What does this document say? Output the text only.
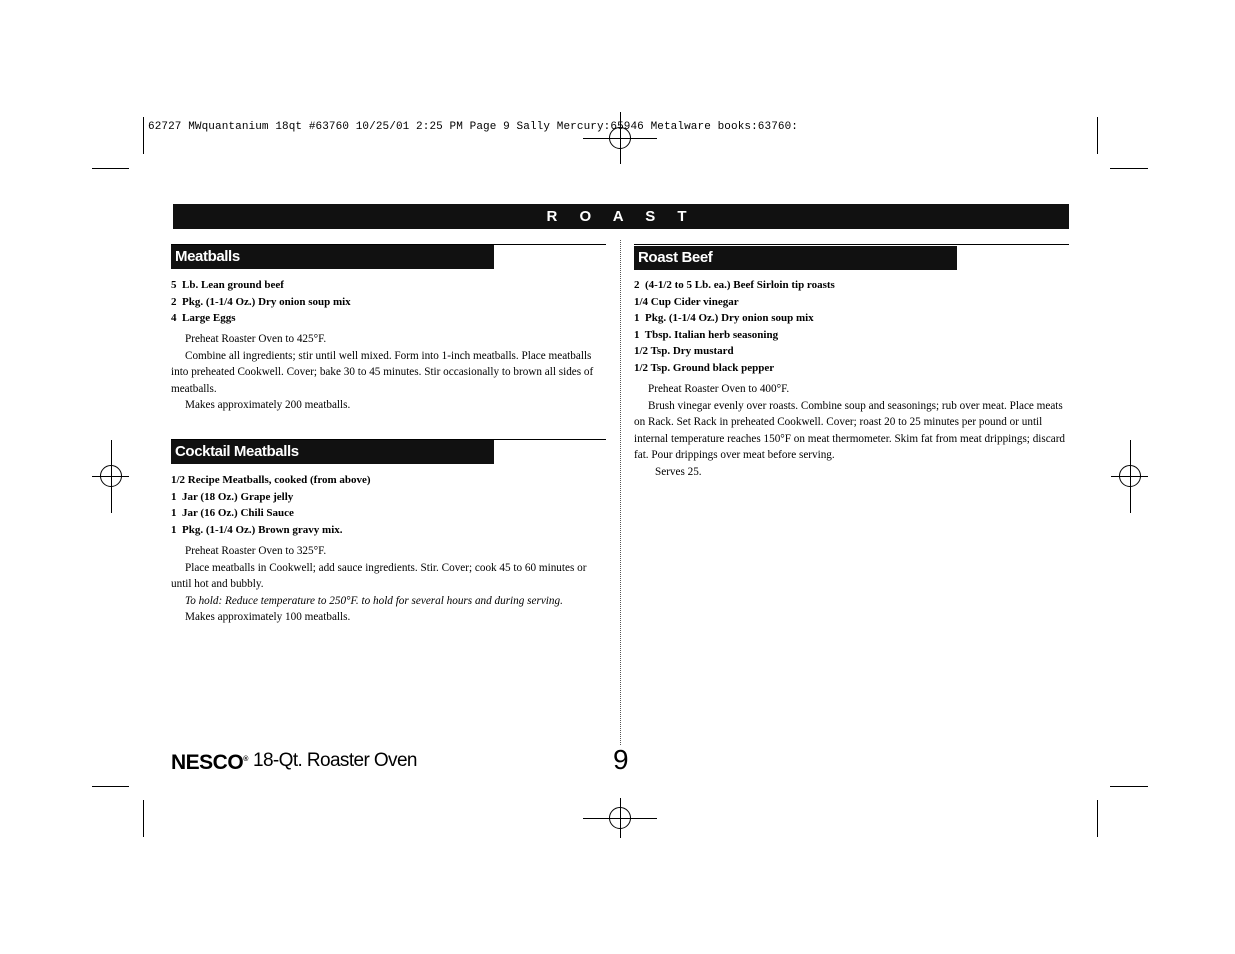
62727 MWquantanium 18qt #63760 10/25/01 2:25 PM Page 9 Sally Mercury:65946 Metalware books:63760:
R O A S T
Meatballs
5  Lb. Lean ground beef
2  Pkg. (1-1/4 Oz.) Dry onion soup mix
4  Large Eggs

Preheat Roaster Oven to 425°F.

Combine all ingredients; stir until well mixed. Form into 1-inch meatballs. Place meatballs into preheated Cookwell. Cover; bake 30 to 45 minutes. Stir occasionally to brown all sides of meatballs.

Makes approximately 200 meatballs.

Cocktail Meatballs
1/2 Recipe Meatballs, cooked (from above)
1  Jar (18 Oz.) Grape jelly
1  Jar (16 Oz.) Chili Sauce
1  Pkg. (1-1/4 Oz.) Brown gravy mix.

Preheat Roaster Oven to 325°F.

Place meatballs in Cookwell; add sauce ingredients. Stir. Cover; cook 45 to 60 minutes or until hot and bubbly.

To hold: Reduce temperature to 250°F. to hold for several hours and during serving.

Makes approximately 100 meatballs.

Roast Beef
2  (4-1/2 to 5 Lb. ea.) Beef Sirloin tip roasts
1/4 Cup Cider vinegar
1  Pkg. (1-1/4 Oz.) Dry onion soup mix
1  Tbsp. Italian herb seasoning
1/2 Tsp. Dry mustard
1/2 Tsp. Ground black pepper

Preheat Roaster Oven to 400°F.

Brush vinegar evenly over roasts. Combine soup and seasonings; rub over meat. Place meats on Rack. Set Rack in preheated Cookwell. Cover; roast 20 to 25 minutes per pound or until internal temperature reaches 150°F on meat thermometer. Skim fat from meat drippings; discard fat. Pour drippings over meat before serving.

Serves 25.

NESCO® 18-Qt. Roaster Oven	9
